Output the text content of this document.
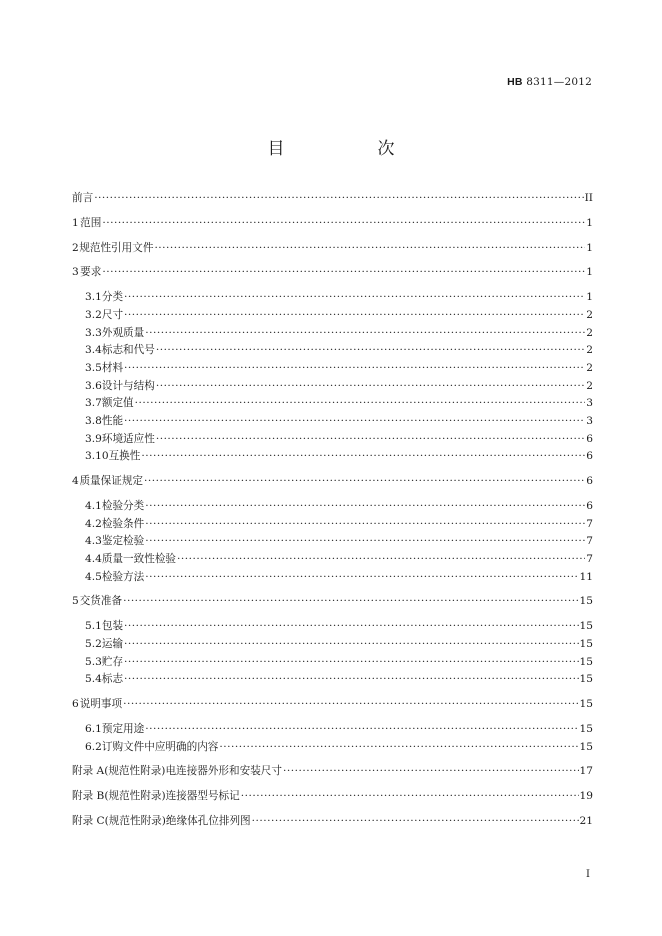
HB 8311—2012
目　次
前言 ·····	II
1 范围 ·····	1
2 规范性引用文件 ·····	1
3 要求 ·····	1
3.1 分类 ·····	1
3.2 尺寸 ·····	2
3.3 外观质量 ·····	2
3.4 标志和代号 ·····	2
3.5 材料 ·····	2
3.6 设计与结构 ·····	2
3.7 额定值 ·····	3
3.8 性能 ·····	3
3.9 环境适应性 ·····	6
3.10 互换性 ·····	6
4 质量保证规定 ·····	6
4.1 检验分类 ·····	6
4.2 检验条件 ·····	7
4.3 鉴定检验 ·····	7
4.4 质量一致性检验 ·····	7
4.5 检验方法 ·····	11
5 交货准备 ·····	15
5.1 包装 ·····	15
5.2 运输 ·····	15
5.3 贮存 ·····	15
5.4 标志 ·····	15
6 说明事项 ·····	15
6.1 预定用途 ·····	15
6.2 订购文件中应明确的内容 ·····	15
附录 A(规范性附录) 电连接器外形和安装尺寸 ·····	17
附录 B(规范性附录) 连接器型号标记 ·····	19
附录 C(规范性附录) 绝缘体孔位排列图 ·····	21
I
